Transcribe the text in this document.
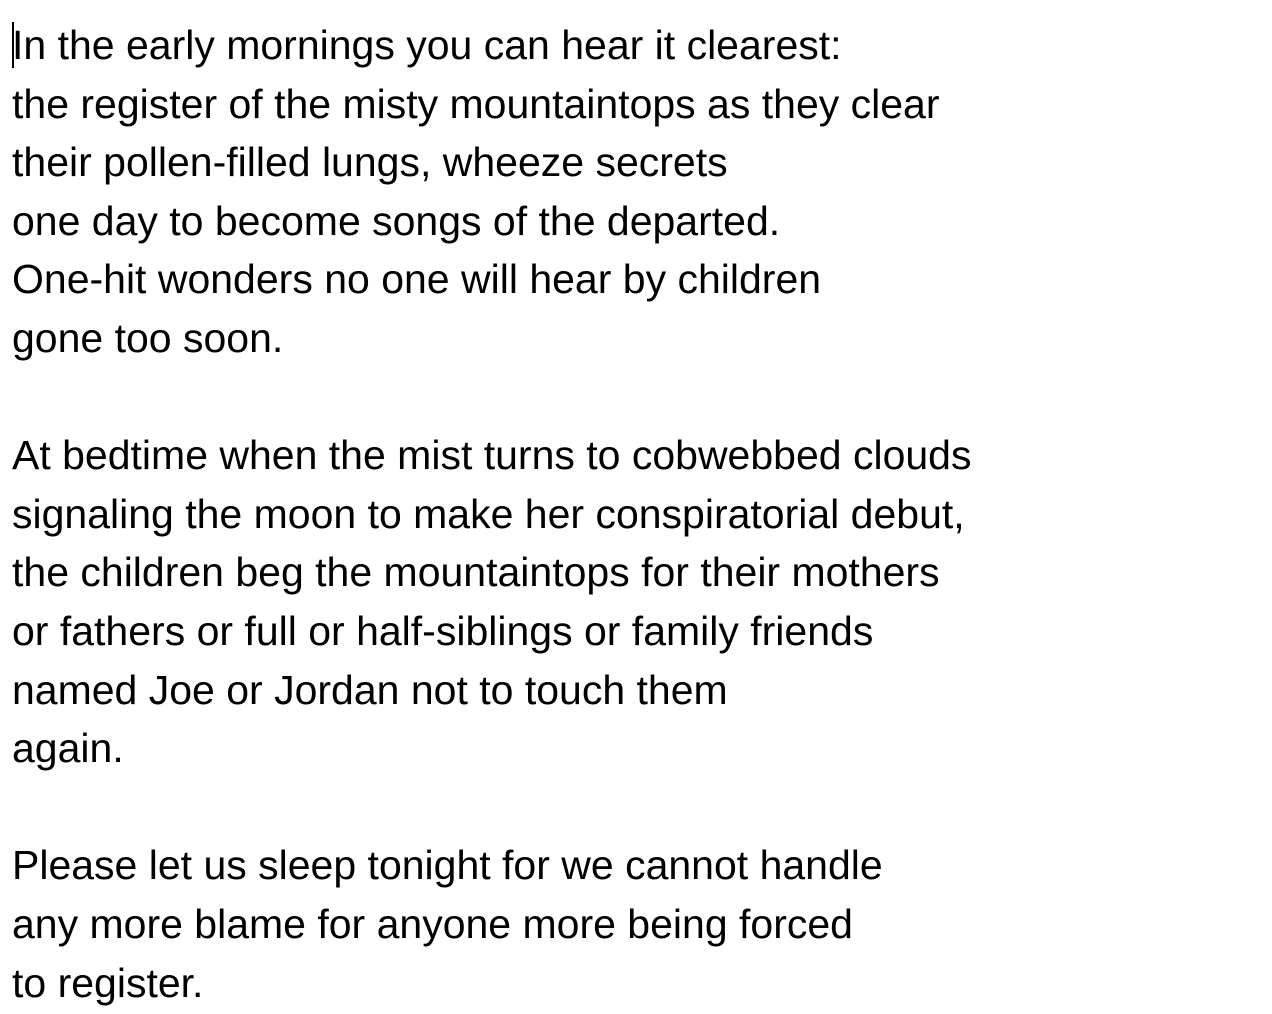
In the early mornings you can hear it clearest:
the register of the misty mountaintops as they clear
their pollen-filled lungs, wheeze secrets
one day to become songs of the departed.
One-hit wonders no one will hear by children
gone too soon.
At bedtime when the mist turns to cobwebbed clouds
signaling the moon to make her conspiratorial debut,
the children beg the mountaintops for their mothers
or fathers or full or half-siblings or family friends
named Joe or Jordan not to touch them
again.
Please let us sleep tonight for we cannot handle
any more blame for anyone more being forced
to register.
